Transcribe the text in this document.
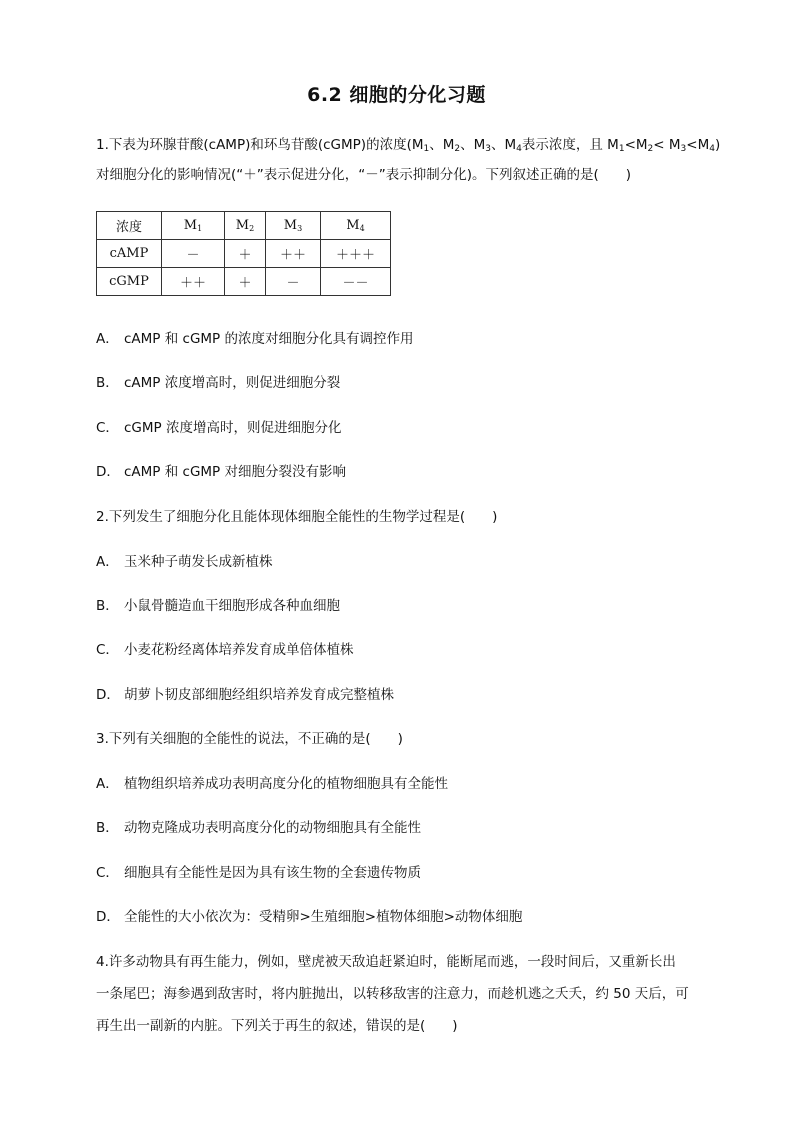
6.2 细胞的分化习题
1.下表为环腺苷酸(cAMP)和环鸟苷酸(cGMP)的浓度($M_1$、$M_2$、$M_3$、$M_4$表示浓度，且 $M_1<M_2< M_3<M_4$)
对细胞分化的影响情况(“＋”表示促进分化，“－”表示抑制分化)。下列叙述正确的是(　　)
浓度	$M_1$	$M_2$	$M_3$	$M_4$
cAMP	－	＋	＋＋	＋＋＋
cGMP	＋＋	＋	－	－－
A． cAMP 和 cGMP 的浓度对细胞分化具有调控作用
B． cAMP 浓度增高时，则促进细胞分裂
C． cGMP 浓度增高时，则促进细胞分化
D． cAMP 和 cGMP 对细胞分裂没有影响
2.下列发生了细胞分化且能体现体细胞全能性的生物学过程是(　　)
A． 玉米种子萌发长成新植株
B． 小鼠骨髓造血干细胞形成各种血细胞
C． 小麦花粉经离体培养发育成单倍体植株
D． 胡萝卜韧皮部细胞经组织培养发育成完整植株
3.下列有关细胞的全能性的说法，不正确的是(　　)
A． 植物组织培养成功表明高度分化的植物细胞具有全能性
B． 动物克隆成功表明高度分化的动物细胞具有全能性
C． 细胞具有全能性是因为具有该生物的全套遗传物质
D． 全能性的大小依次为：受精卵>生殖细胞>植物体细胞>动物体细胞
4.许多动物具有再生能力，例如，壁虎被天敌追赶紧迫时，能断尾而逃，一段时间后，又重新长出
一条尾巴；海参遇到敌害时，将内脏抛出，以转移敌害的注意力，而趁机逃之夭夭，约 50 天后，可
再生出一副新的内脏。下列关于再生的叙述，错误的是(　　)
